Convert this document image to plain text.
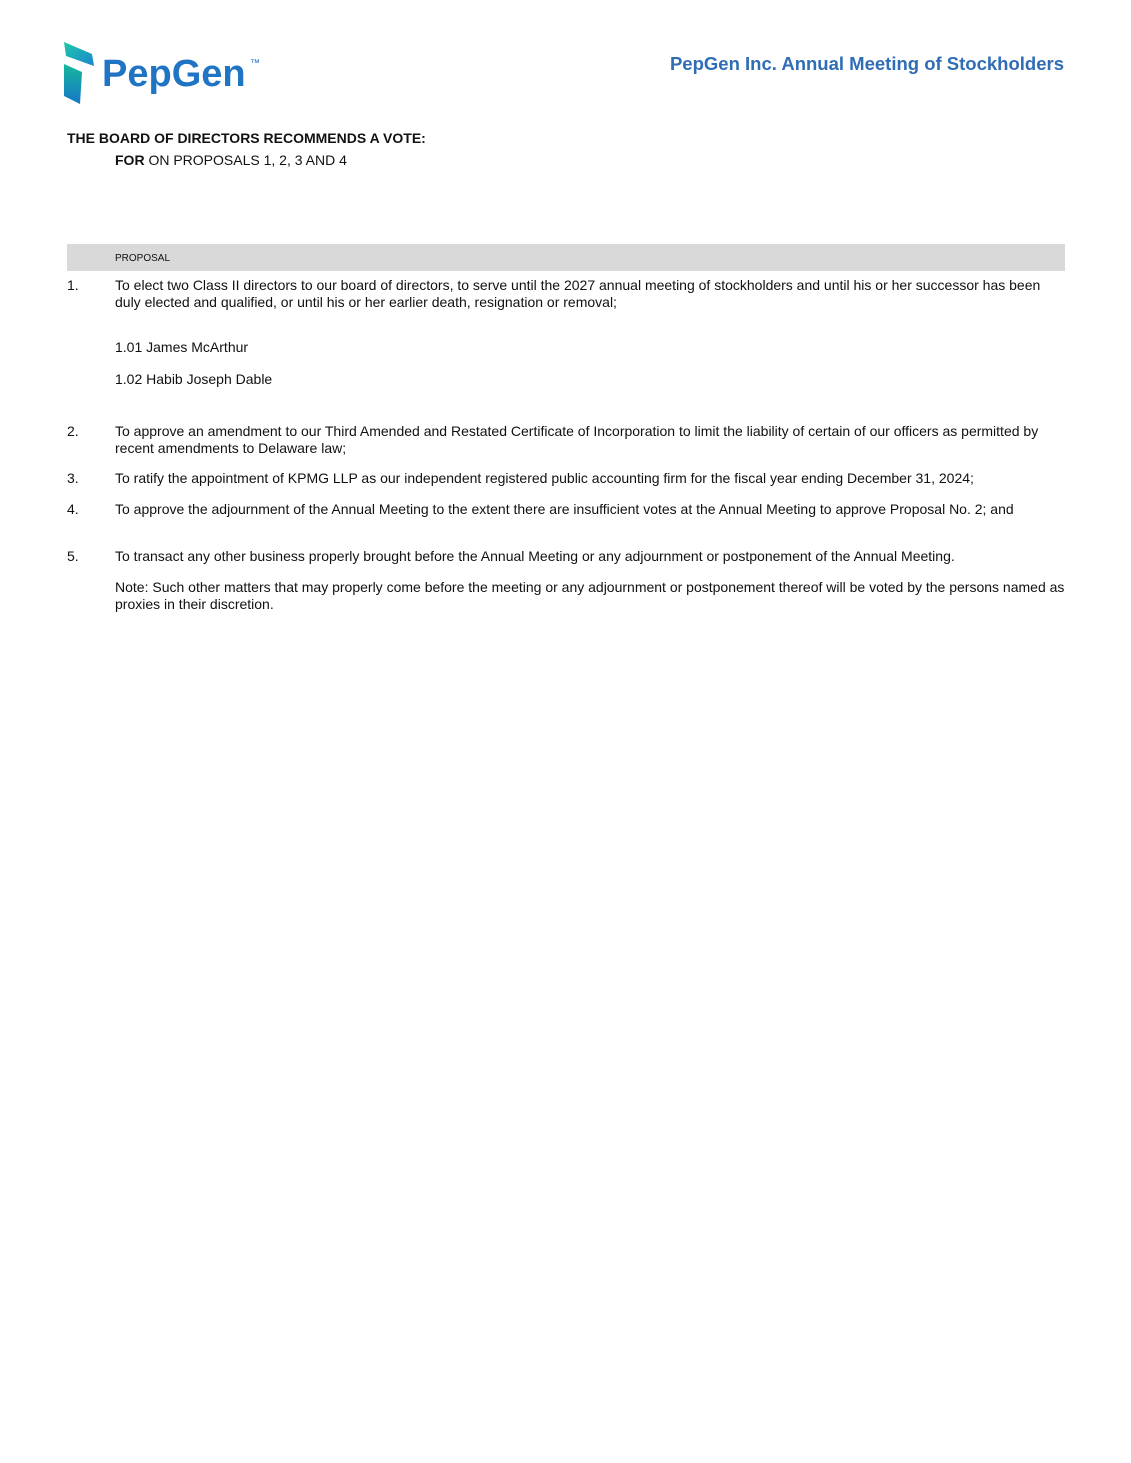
PepGen ™	PepGen Inc. Annual Meeting of Stockholders
THE BOARD OF DIRECTORS RECOMMENDS A VOTE:
FOR ON PROPOSALS 1, 2, 3 AND 4
PROPOSAL
1.	To elect two Class II directors to our board of directors, to serve until the 2027 annual meeting of stockholders and until his or her successor has been duly elected and qualified, or until his or her earlier death, resignation or removal;
1.01 James McArthur
1.02 Habib Joseph Dable
2.	To approve an amendment to our Third Amended and Restated Certificate of Incorporation to limit the liability of certain of our officers as permitted by recent amendments to Delaware law;
3.	To ratify the appointment of KPMG LLP as our independent registered public accounting firm for the fiscal year ending December 31, 2024;
4.	To approve the adjournment of the Annual Meeting to the extent there are insufficient votes at the Annual Meeting to approve Proposal No. 2; and
5.	To transact any other business properly brought before the Annual Meeting or any adjournment or postponement of the Annual Meeting.
Note: Such other matters that may properly come before the meeting or any adjournment or postponement thereof will be voted by the persons named as proxies in their discretion.
